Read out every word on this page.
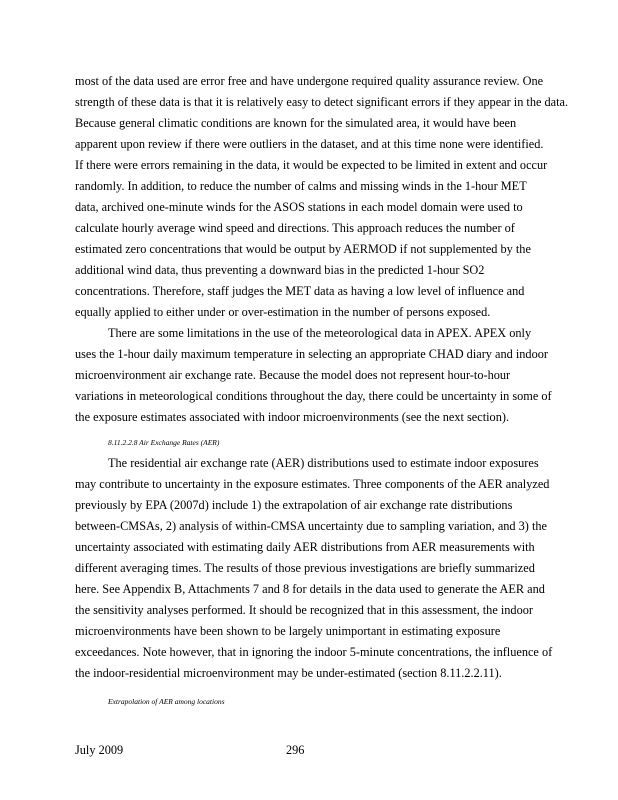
most of the data used are error free and have undergone required quality assurance review. One
strength of these data is that it is relatively easy to detect significant errors if they appear in the data.
Because general climatic conditions are known for the simulated area, it would have been
apparent upon review if there were outliers in the dataset, and at this time none were identified.
If there were errors remaining in the data, it would be expected to be limited in extent and occur
randomly. In addition, to reduce the number of calms and missing winds in the 1-hour MET
data, archived one-minute winds for the ASOS stations in each model domain were used to
calculate hourly average wind speed and directions. This approach reduces the number of
estimated zero concentrations that would be output by AERMOD if not supplemented by the
additional wind data, thus preventing a downward bias in the predicted 1-hour SO2
concentrations. Therefore, staff judges the MET data as having a low level of influence and
equally applied to either under or over-estimation in the number of persons exposed.
There are some limitations in the use of the meteorological data in APEX. APEX only
uses the 1-hour daily maximum temperature in selecting an appropriate CHAD diary and indoor
microenvironment air exchange rate. Because the model does not represent hour-to-hour
variations in meteorological conditions throughout the day, there could be uncertainty in some of
the exposure estimates associated with indoor microenvironments (see the next section).
8.11.2.2.8 Air Exchange Rates (AER)
The residential air exchange rate (AER) distributions used to estimate indoor exposures
may contribute to uncertainty in the exposure estimates. Three components of the AER analyzed
previously by EPA (2007d) include 1) the extrapolation of air exchange rate distributions
between-CMSAs, 2) analysis of within-CMSA uncertainty due to sampling variation, and 3) the
uncertainty associated with estimating daily AER distributions from AER measurements with
different averaging times. The results of those previous investigations are briefly summarized
here. See Appendix B, Attachments 7 and 8 for details in the data used to generate the AER and
the sensitivity analyses performed. It should be recognized that in this assessment, the indoor
microenvironments have been shown to be largely unimportant in estimating exposure
exceedances. Note however, that in ignoring the indoor 5-minute concentrations, the influence of
the indoor-residential microenvironment may be under-estimated (section 8.11.2.2.11).
Extrapolation of AER among locations
July 2009	296
